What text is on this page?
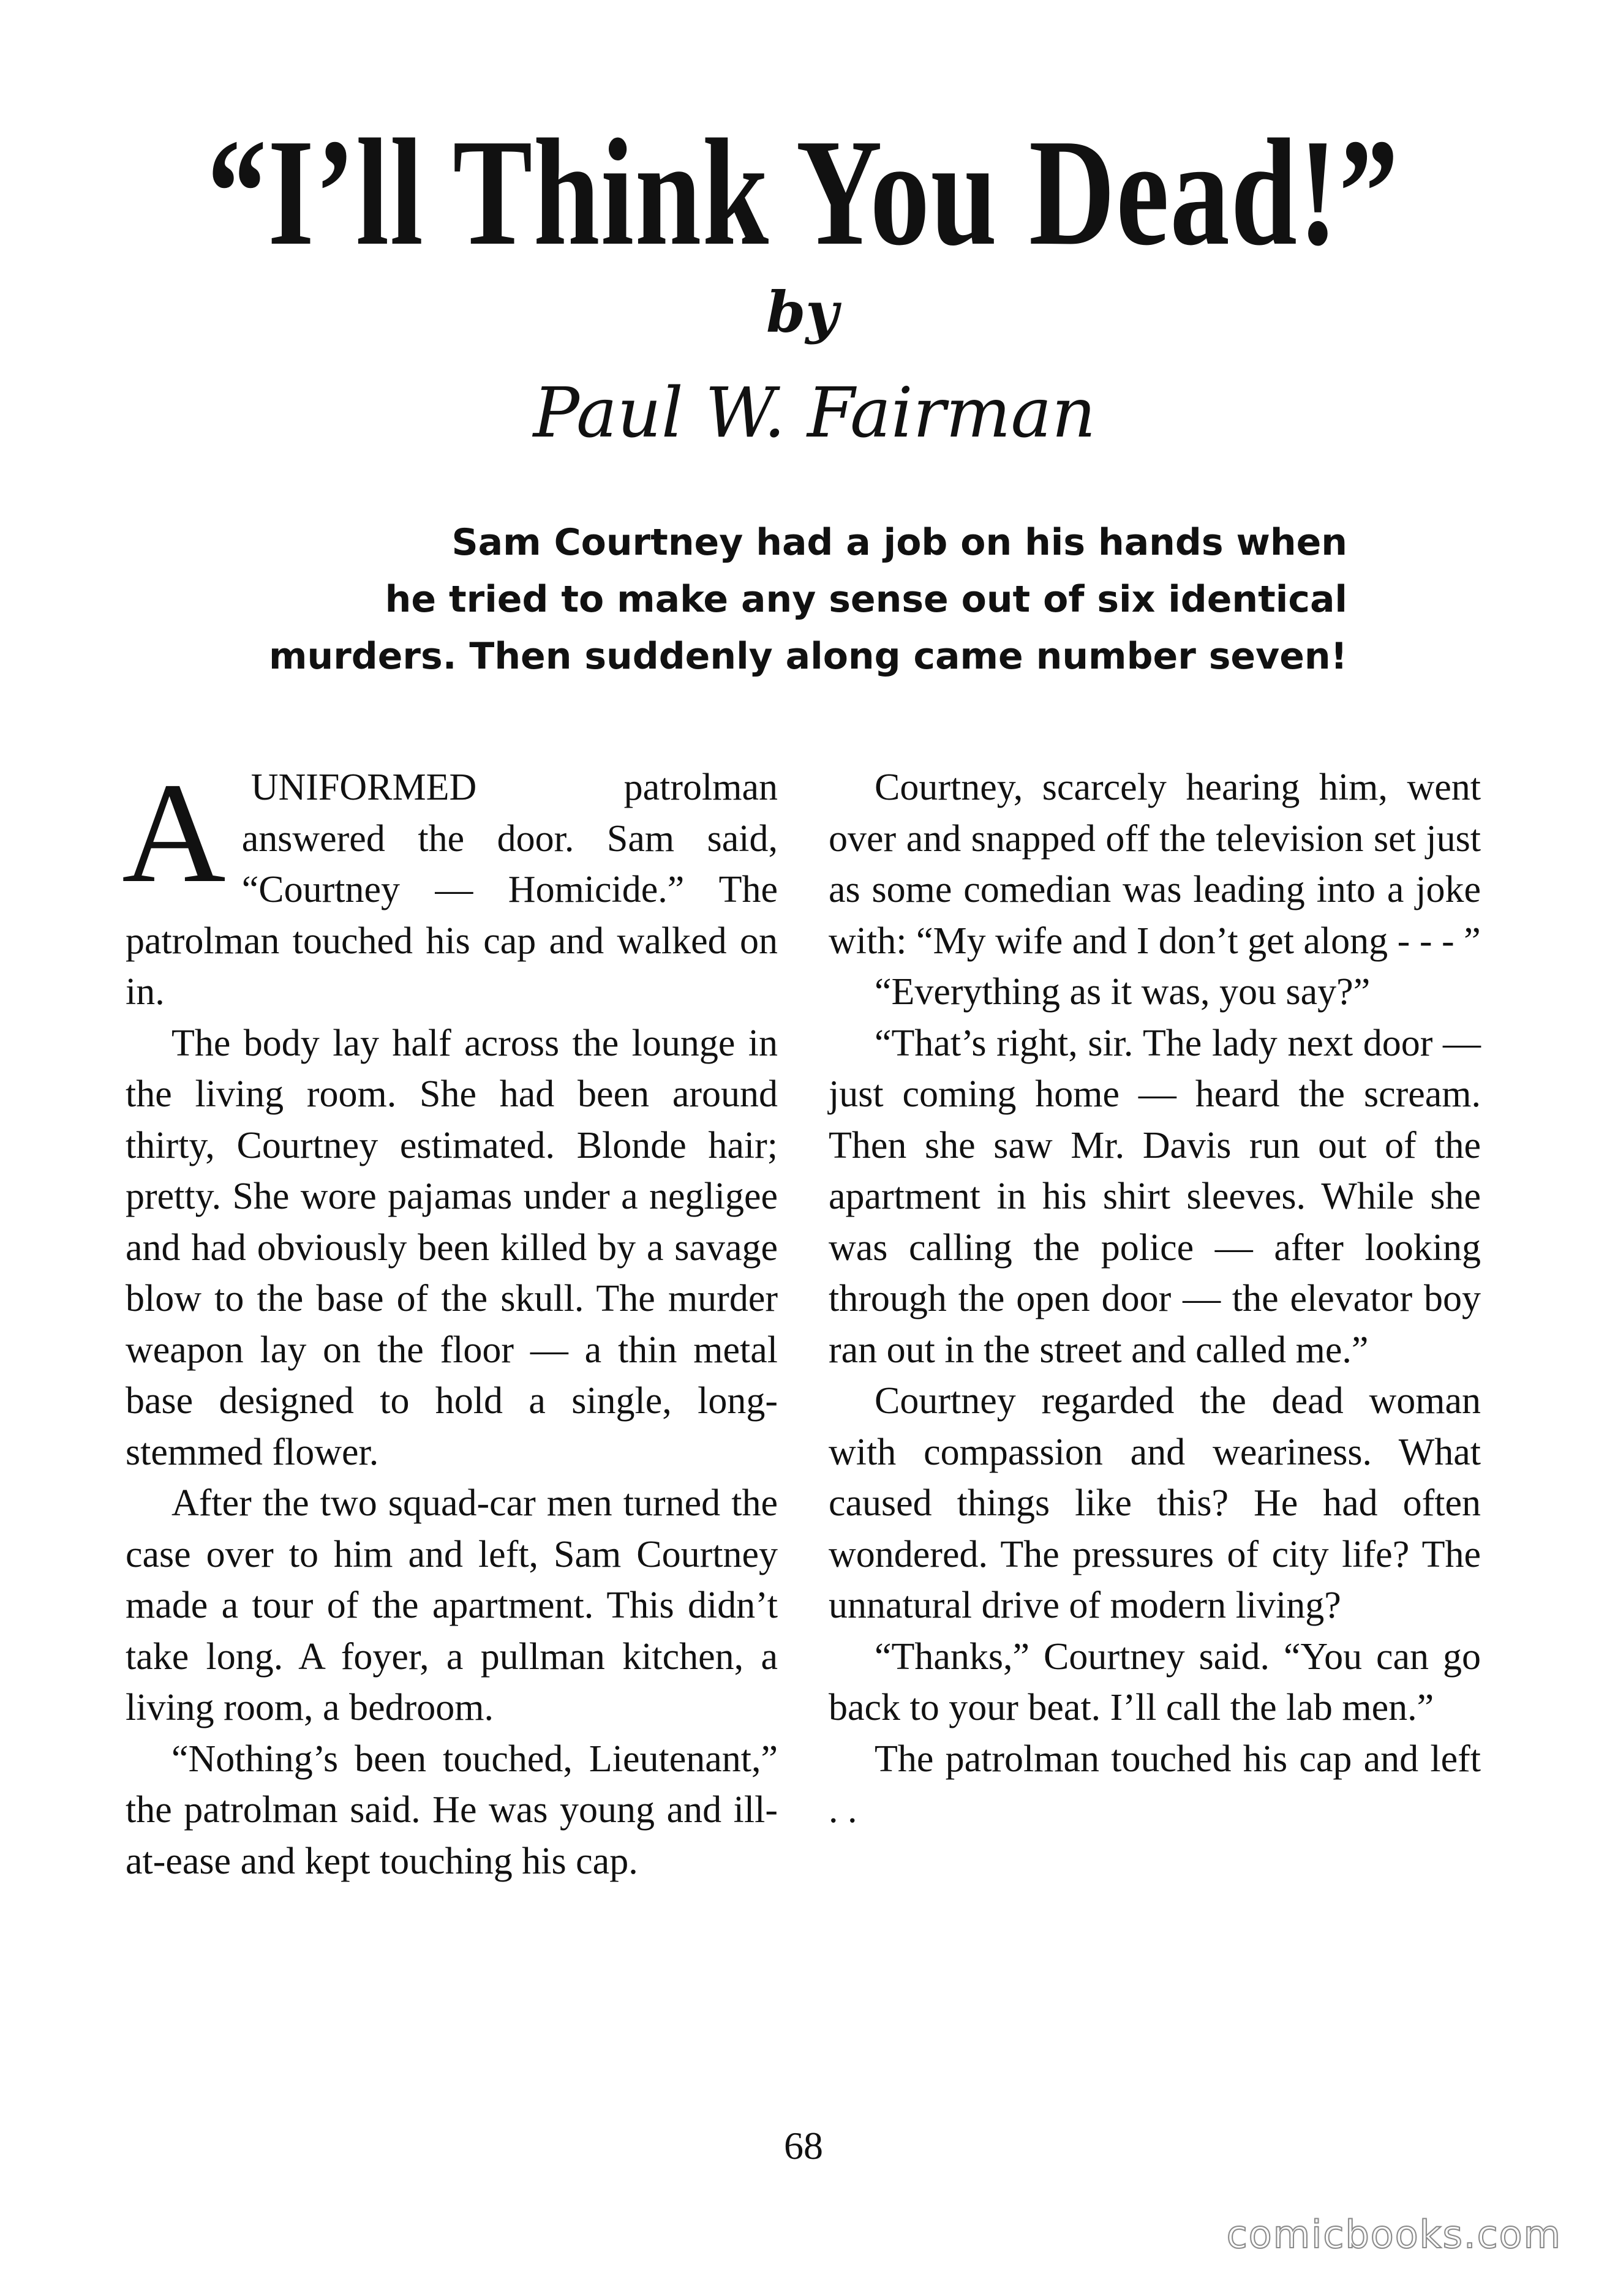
“I’ll Think You Dead!”
by
Paul W. Fairman
Sam Courtney had a job on his hands when
he tried to make any sense out of six identical
murders. Then suddenly along came number seven!

AUNIFORMED patrolman answered the door. Sam said, “Courtney — Homicide.” The patrolman touched his cap and walked on in.

The body lay half across the lounge in the living room. She had been around thirty, Courtney estimated. Blonde hair; pretty. She wore pajamas under a negligee and had obviously been killed by a savage blow to the base of the skull. The murder weapon lay on the floor — a thin metal base designed to hold a single, long-stemmed flower.

After the two squad-car men turned the case over to him and left, Sam Courtney made a tour of the apartment. This didn’t take long. A foyer, a pullman kitchen, a living room, a bedroom.

“Nothing’s been touched, Lieutenant,” the patrolman said. He was young and ill-at-ease and kept touching his cap.

Courtney, scarcely hearing him, went over and snapped off the television set just as some comedian was leading into a joke with: “My wife and I don’t get along - - - ”

“Everything as it was, you say?”

“That’s right, sir. The lady next door — just coming home — heard the scream. Then she saw Mr. Davis run out of the apartment in his shirt sleeves. While she was calling the police — after looking through the open door — the elevator boy ran out in the street and called me.”

Courtney regarded the dead woman with compassion and weariness. What caused things like this? He had often wondered. The pressures of city life? The unnatural drive of modern living?

“Thanks,” Courtney said. “You can go back to your beat. I’ll call the lab men.”

The patrolman touched his cap and left . .

68
comicbooks.com
